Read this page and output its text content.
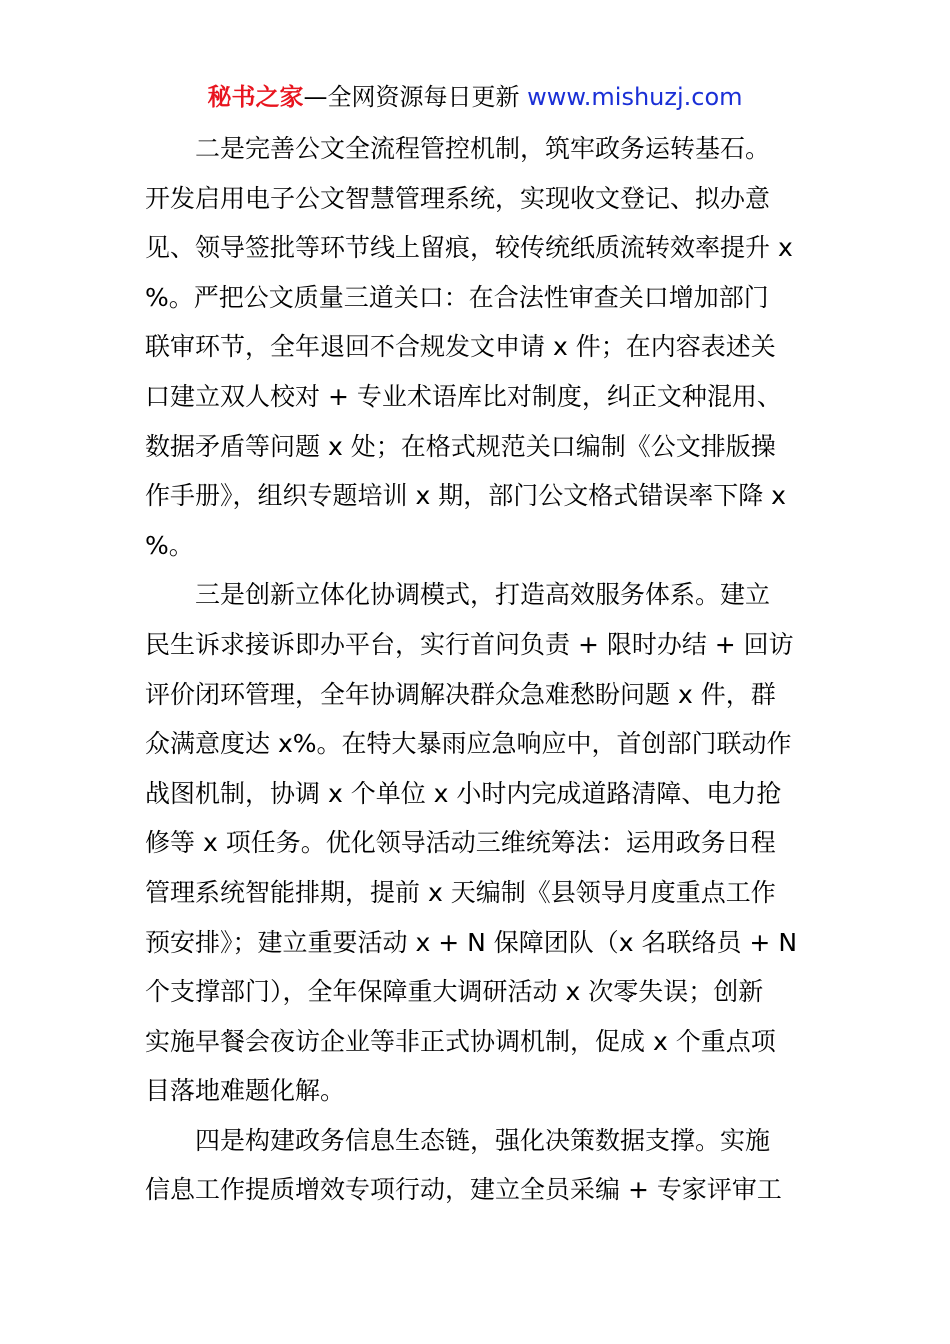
秘书之家—全网资源每日更新 www.mishuzj.com

二是完善公文全流程管控机制，筑牢政务运转基石。
开发启用电子公文智慧管理系统，实现收文登记、拟办意
见、领导签批等环节线上留痕，较传统纸质流转效率提升 x
%。严把公文质量三道关口：在合法性审查关口增加部门
联审环节，全年退回不合规发文申请 x 件；在内容表述关
口建立双人校对 + 专业术语库比对制度，纠正文种混用、
数据矛盾等问题 x 处；在格式规范关口编制《公文排版操
作手册》，组织专题培训 x 期，部门公文格式错误率下降 x
%。

三是创新立体化协调模式，打造高效服务体系。建立
民生诉求接诉即办平台，实行首问负责 + 限时办结 + 回访
评价闭环管理，全年协调解决群众急难愁盼问题 x 件，群
众满意度达 x%。在特大暴雨应急响应中，首创部门联动作
战图机制，协调 x 个单位 x 小时内完成道路清障、电力抢
修等 x 项任务。优化领导活动三维统筹法：运用政务日程
管理系统智能排期，提前 x 天编制《县领导月度重点工作
预安排》；建立重要活动 x + N 保障团队（x 名联络员 + N
个支撑部门），全年保障重大调研活动 x 次零失误；创新
实施早餐会夜访企业等非正式协调机制，促成 x 个重点项
目落地难题化解。

四是构建政务信息生态链，强化决策数据支撑。实施
信息工作提质增效专项行动，建立全员采编 + 专家评审工
